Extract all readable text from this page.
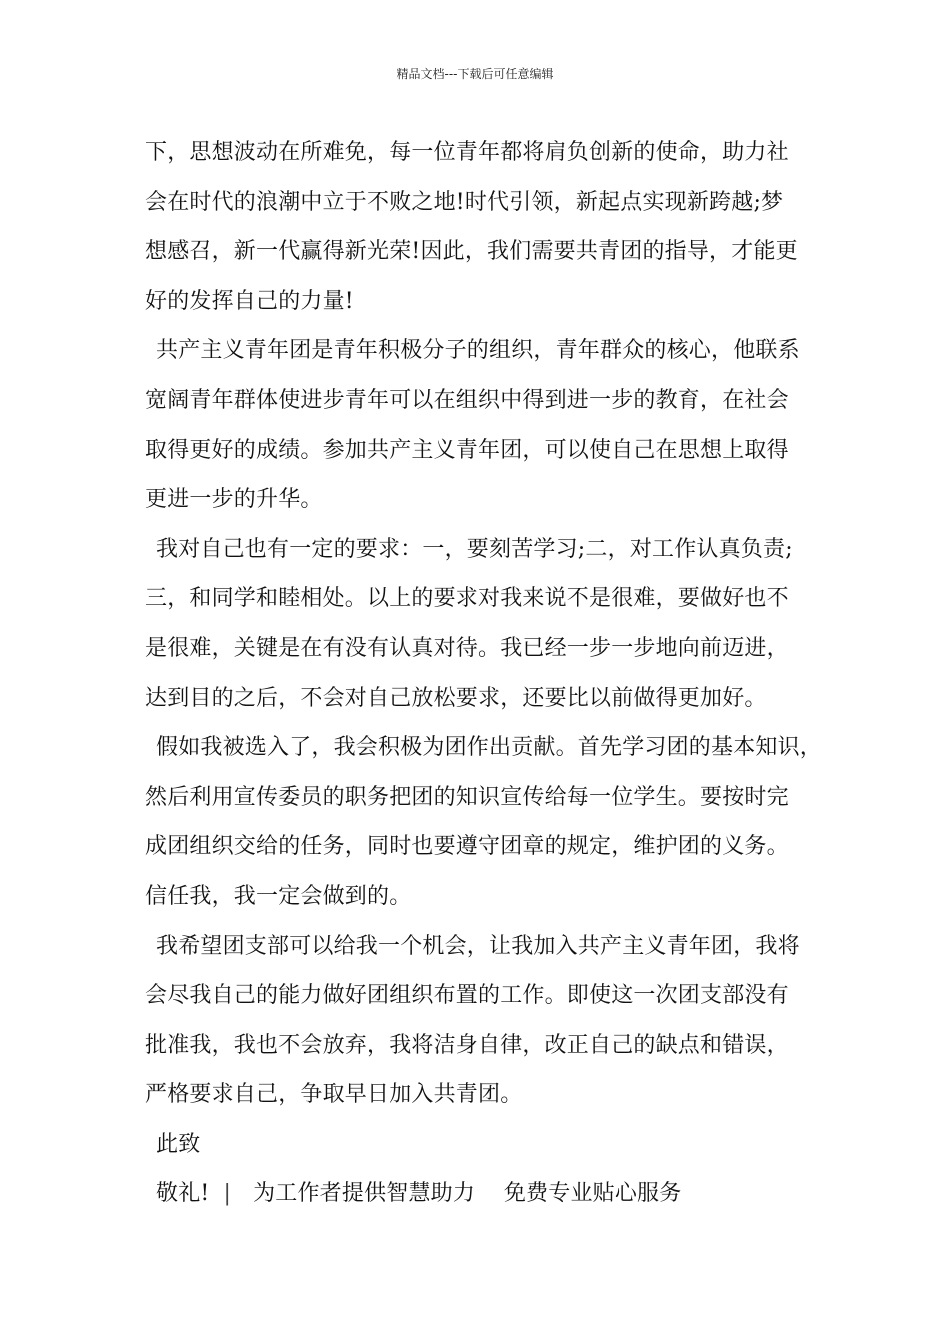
精品文档---下载后可任意编辑
下，思想波动在所难免，每一位青年都将肩负创新的使命，助力社
会在时代的浪潮中立于不败之地!时代引领，新起点实现新跨越;梦
想感召，新一代赢得新光荣!因此，我们需要共青团的指导，才能更
好的发挥自己的力量!
共产主义青年团是青年积极分子的组织，青年群众的核心，他联系
宽阔青年群体使进步青年可以在组织中得到进一步的教育，在社会
取得更好的成绩。参加共产主义青年团，可以使自己在思想上取得
更进一步的升华。
我对自己也有一定的要求：一，要刻苦学习;二，对工作认真负责;
三，和同学和睦相处。以上的要求对我来说不是很难，要做好也不
是很难，关键是在有没有认真对待。我已经一步一步地向前迈进，
达到目的之后，不会对自己放松要求，还要比以前做得更加好。
假如我被选入了，我会积极为团作出贡献。首先学习团的基本知识，
然后利用宣传委员的职务把团的知识宣传给每一位学生。要按时完
成团组织交给的任务，同时也要遵守团章的规定，维护团的义务。
信任我，我一定会做到的。
我希望团支部可以给我一个机会，让我加入共产主义青年团，我将
会尽我自己的能力做好团组织布置的工作。即使这一次团支部没有
批准我，我也不会放弃，我将洁身自律，改正自己的缺点和错误，
严格要求自己，争取早日加入共青团。
此致
敬礼! | 为工作者提供智慧助力    免费专业贴心服务
